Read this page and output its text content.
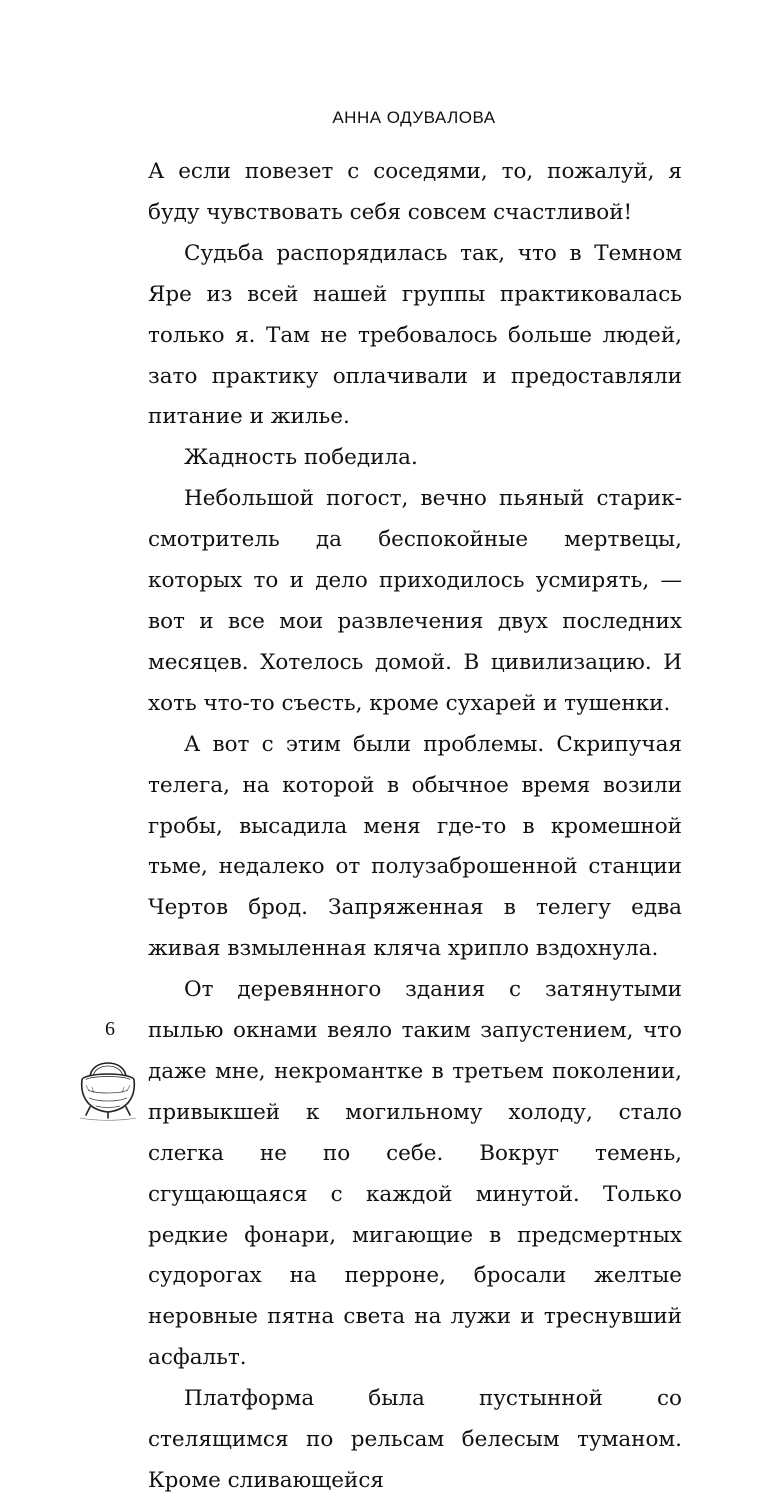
АННА ОДУВАЛОВА

А если повезет с соседями, то, пожалуй, я буду чувствовать себя совсем счастливой!

Судьба распорядилась так, что в Темном Яре из всей нашей группы практиковалась только я. Там не требовалось больше людей, зато практику оплачивали и предоставляли питание и жилье.

Жадность победила.

Небольшой погост, вечно пьяный старик-смотритель да беспокойные мертвецы, которых то и дело приходилось усмирять, — вот и все мои развлечения двух последних месяцев. Хотелось домой. В цивилизацию. И хоть что-то съесть, кроме сухарей и тушенки.

А вот с этим были проблемы. Скрипучая телега, на которой в обычное время возили гробы, высадила меня где-то в кромешной тьме, недалеко от полузаброшенной станции Чертов брод. Запряженная в телегу едва живая взмыленная кляча хрипло вздохнула.

От деревянного здания с затянутыми пылью окнами веяло таким запустением, что даже мне, некромантке в третьем поколении, привыкшей к могильному холоду, стало слегка не по себе. Вокруг темень, сгущающаяся с каждой минутой. Только редкие фонари, мигающие в предсмертных судорогах на перроне, бросали желтые неровные пятна света на лужи и треснувший асфальт.

Платформа была пустынной со стелящимся по рельсам белесым туманом. Кроме сливающейся

6
